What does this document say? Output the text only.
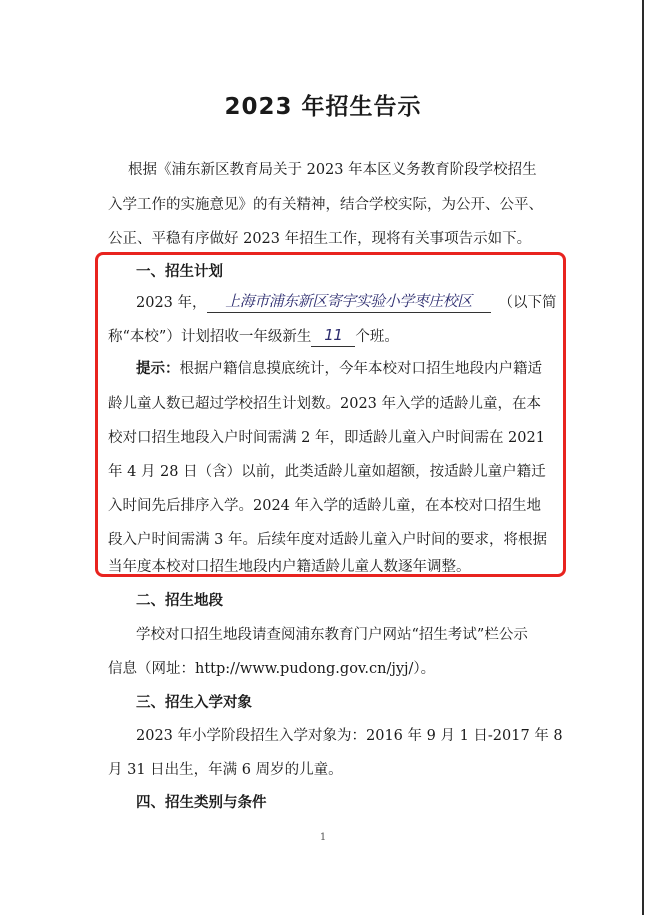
2023 年招生告示
根据《浦东新区教育局关于 2023 年本区义务教育阶段学校招生
入学工作的实施意见》的有关精神，结合学校实际，为公开、公平、
公正、平稳有序做好 2023 年招生工作，现将有关事项告示如下。
一、招生计划
2023 年， 上海市浦东新区寄宇实验小学枣庄校区 （以下简
称“本校”）计划招收一年级新生 11 个班。
提示：根据户籍信息摸底统计，今年本校对口招生地段内户籍适
龄儿童人数已超过学校招生计划数。2023 年入学的适龄儿童，在本
校对口招生地段入户时间需满 2 年，即适龄儿童入户时间需在 2021
年 4 月 28 日（含）以前，此类适龄儿童如超额，按适龄儿童户籍迁
入时间先后排序入学。2024 年入学的适龄儿童，在本校对口招生地
段入户时间需满 3 年。后续年度对适龄儿童入户时间的要求，将根据
当年度本校对口招生地段内户籍适龄儿童人数逐年调整。
二、招生地段
学校对口招生地段请查阅浦东教育门户网站“招生考试”栏公示
信息（网址：http://www.pudong.gov.cn/jyj/）。
三、招生入学对象
2023 年小学阶段招生入学对象为：2016 年 9 月 1 日-2017 年 8
月 31 日出生，年满 6 周岁的儿童。
四、招生类别与条件
1
